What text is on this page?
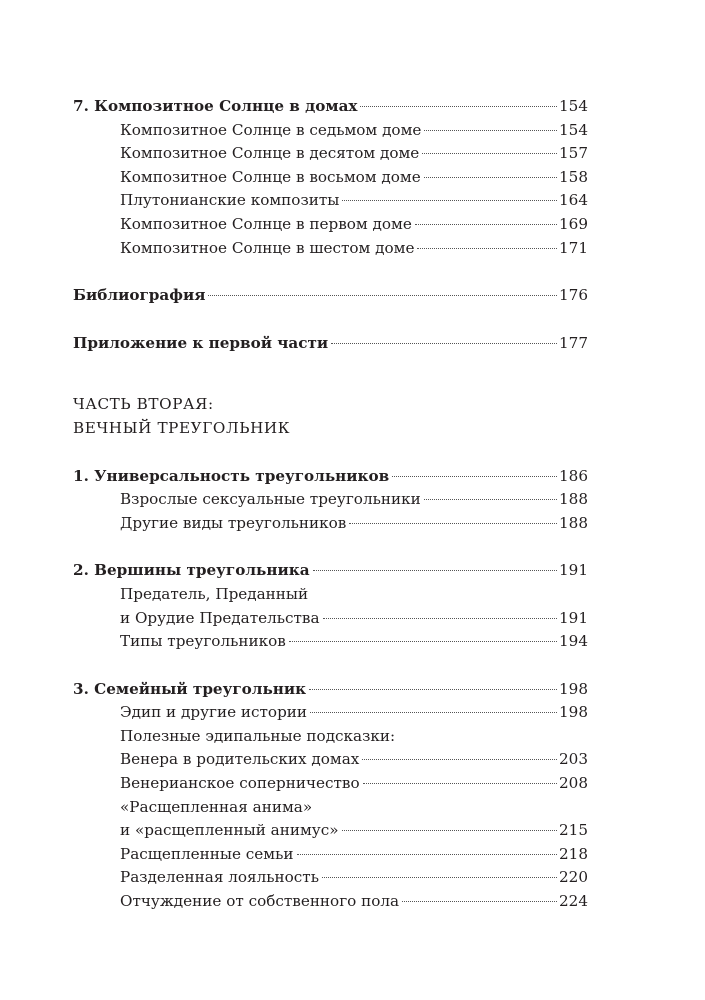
7. Композитное Солнце в домах	154
Композитное Солнце в седьмом доме	154
Композитное Солнце в десятом доме	157
Композитное Солнце в восьмом доме	158
Плутонианские композиты	164
Композитное Солнце в первом доме	169
Композитное Солнце в шестом доме	171
Библиография	176
Приложение к первой части	177
ЧАСТЬ ВТОРАЯ:
ВЕЧНЫЙ ТРЕУГОЛЬНИК
1. Универсальность треугольников	186
Взрослые сексуальные треугольники	188
Другие виды треугольников	188
2. Вершины треугольника	191
Предатель, Преданный
и Орудие Предательства	191
Типы треугольников	194
3. Семейный треугольник	198
Эдип и другие истории	198
Полезные эдипальные подсказки:
Венера в родительских домах	203
Венерианское соперничество	208
«Расщепленная анима»
и «расщепленный анимус»	215
Расщепленные семьи	218
Разделенная лояльность	220
Отчуждение от собственного пола	224
